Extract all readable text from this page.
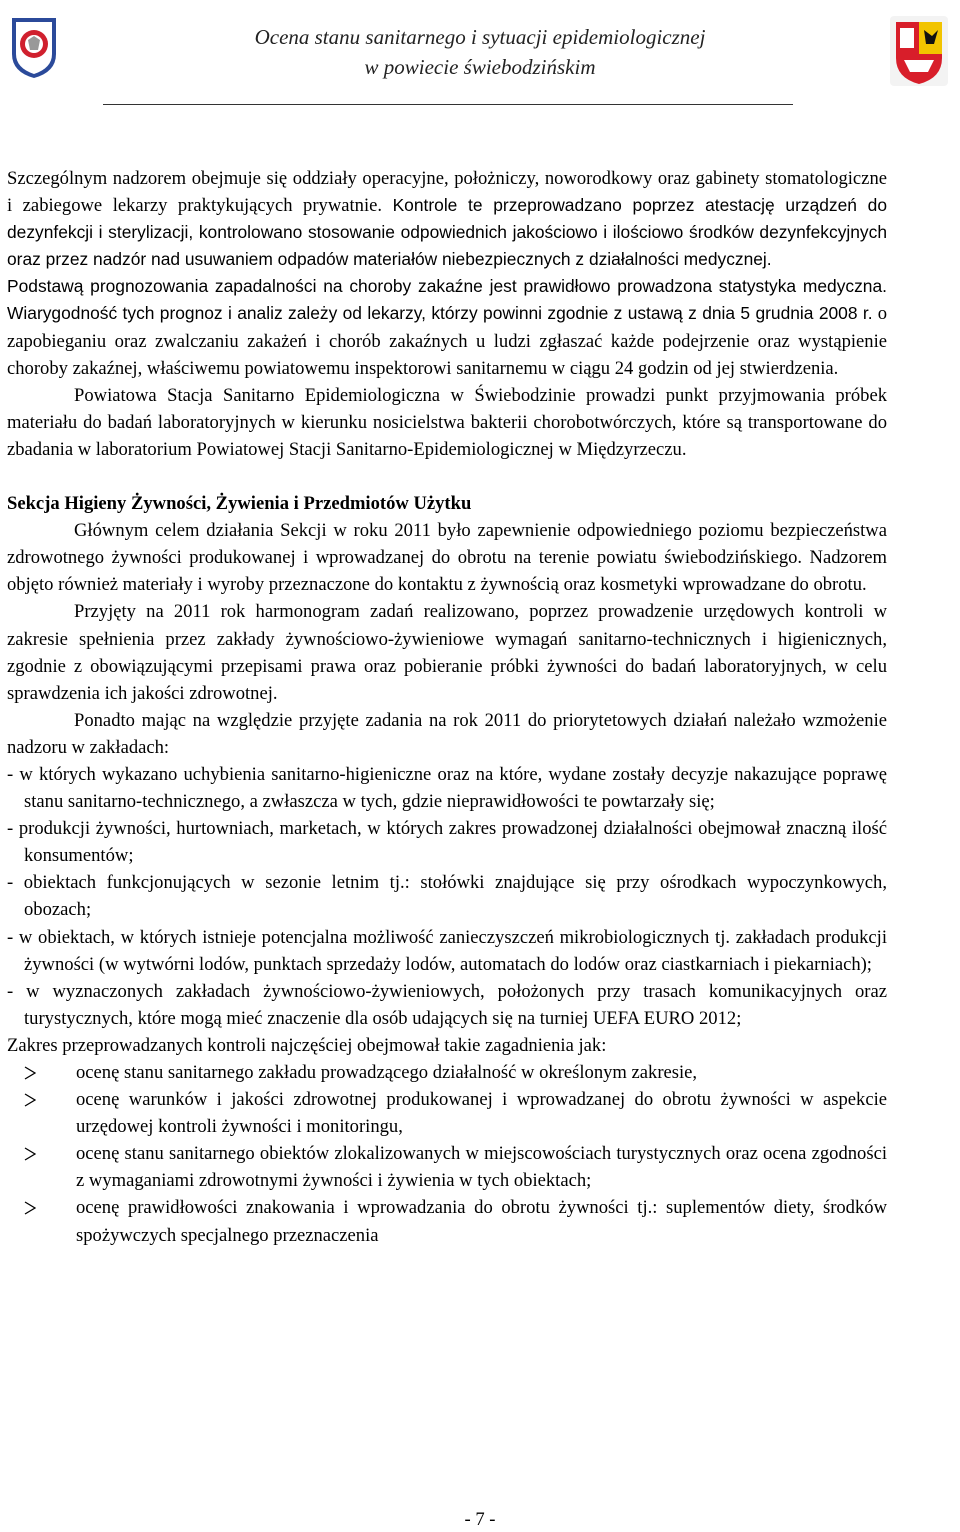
Ocena stanu sanitarnego i sytuacji epidemiologicznej
w powiecie świebodzińskim

Szczególnym nadzorem obejmuje się oddziały operacyjne, położniczy, noworodkowy oraz gabinety stomatologiczne i zabiegowe lekarzy praktykujących prywatnie. Kontrole te przeprowadzano poprzez atestację urządzeń do dezynfekcji i sterylizacji, kontrolowano stosowanie odpowiednich jakościowo i ilościowo środków dezynfekcyjnych oraz przez nadzór nad usuwaniem odpadów materiałów niebezpiecznych z działalności medycznej.

Podstawą prognozowania zapadalności na choroby zakaźne jest prawidłowo prowadzona statystyka medyczna. Wiarygodność tych prognoz i analiz zależy od lekarzy, którzy powinni zgodnie z ustawą z dnia 5 grudnia 2008 r. o zapobieganiu oraz zwalczaniu zakażeń i chorób zakaźnych u ludzi zgłaszać każde podejrzenie oraz wystąpienie choroby zakaźnej, właściwemu powiatowemu inspektorowi sanitarnemu w ciągu 24 godzin od jej stwierdzenia.

Powiatowa Stacja Sanitarno Epidemiologiczna w Świebodzinie prowadzi punkt przyjmowania próbek materiału do badań laboratoryjnych w kierunku nosicielstwa bakterii chorobotwórczych, które są transportowane do zbadania w laboratorium Powiatowej Stacji Sanitarno-Epidemiologicznej w Międzyrzeczu.

Sekcja Higieny Żywności, Żywienia i Przedmiotów Użytku

Głównym celem działania Sekcji w roku 2011 było zapewnienie odpowiedniego poziomu bezpieczeństwa zdrowotnego żywności produkowanej i wprowadzanej do obrotu na terenie powiatu świebodzińskiego. Nadzorem objęto również materiały i wyroby przeznaczone do kontaktu z żywnością oraz kosmetyki wprowadzane do obrotu.

Przyjęty na 2011 rok harmonogram zadań realizowano, poprzez prowadzenie urzędowych kontroli w zakresie spełnienia przez zakłady żywnościowo-żywieniowe wymagań sanitarno-technicznych i higienicznych, zgodnie z obowiązującymi przepisami prawa oraz pobieranie próbki żywności do badań laboratoryjnych, w celu sprawdzenia ich jakości zdrowotnej.

Ponadto mając na względzie przyjęte zadania na rok 2011 do priorytetowych działań należało wzmożenie nadzoru w zakładach:

- w których wykazano uchybienia sanitarno-higieniczne oraz na które, wydane zostały decyzje nakazujące poprawę stanu sanitarno-technicznego, a zwłaszcza w tych, gdzie nieprawidłowości te powtarzały się;

- produkcji żywności, hurtowniach, marketach, w których zakres prowadzonej działalności obejmował znaczną ilość konsumentów;

- obiektach funkcjonujących w sezonie letnim tj.: stołówki znajdujące się przy ośrodkach wypoczynkowych, obozach;

- w obiektach, w których istnieje potencjalna możliwość zanieczyszczeń mikrobiologicznych tj. zakładach produkcji żywności (w wytwórni lodów, punktach sprzedaży lodów, automatach do lodów oraz ciastkarniach i piekarniach);

- w wyznaczonych zakładach żywnościowo-żywieniowych, położonych przy trasach komunikacyjnych oraz turystycznych, które mogą mieć znaczenie dla osób udających się na turniej UEFA EURO 2012;

Zakres przeprowadzanych kontroli najczęściej obejmował takie zagadnienia jak:

ocenę stanu sanitarnego zakładu prowadzącego działalność w określonym zakresie,

ocenę warunków i jakości zdrowotnej produkowanej i wprowadzanej do obrotu żywności w aspekcie urzędowej kontroli żywności i monitoringu,

ocenę stanu sanitarnego obiektów zlokalizowanych w miejscowościach turystycznych oraz ocena zgodności z wymaganiami zdrowotnymi żywności i żywienia w tych obiektach;

ocenę prawidłowości znakowania i wprowadzania do obrotu żywności tj.: suplementów diety, środków spożywczych specjalnego przeznaczenia

- 7 -
